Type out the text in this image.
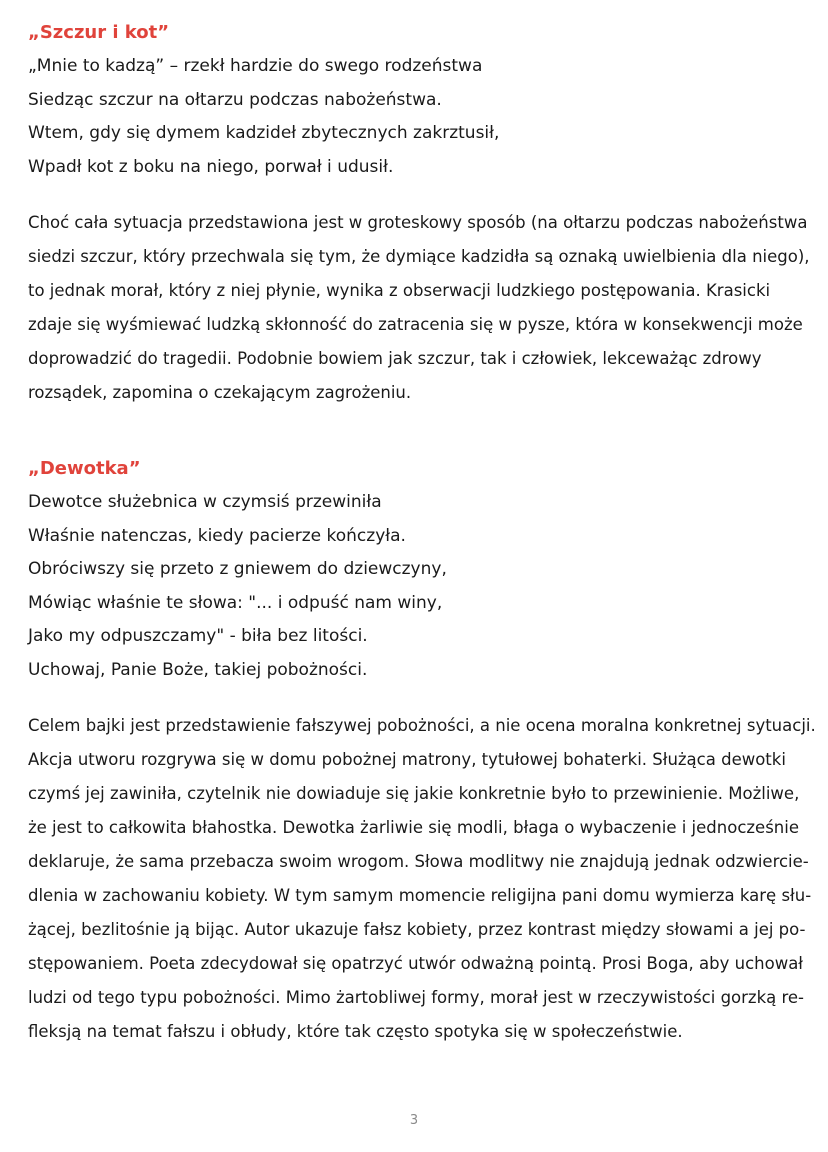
„Szczur i kot”
„Mnie to kadzą” – rzekł hardzie do swego rodzeństwa
Siedząc szczur na ołtarzu podczas nabożeństwa.
Wtem, gdy się dymem kadzideł zbytecznych zakrztusił,
Wpadł kot z boku na niego, porwał i udusił.
Choć cała sytuacja przedstawiona jest w groteskowy sposób (na ołtarzu podczas nabożeństwa
siedzi szczur, który przechwala się tym, że dymiące kadzidła są oznaką uwielbienia dla niego),
to jednak morał, który z niej płynie, wynika z obserwacji ludzkiego postępowania. Krasicki
zdaje się wyśmiewać ludzką skłonność do zatracenia się w pysze, która w konsekwencji może
doprowadzić do tragedii. Podobnie bowiem jak szczur, tak i człowiek, lekceważąc zdrowy
rozsądek, zapomina o czekającym zagrożeniu.
„Dewotka”
Dewotce służebnica w czymsiś przewiniła
Właśnie natenczas, kiedy pacierze kończyła.
Obróciwszy się przeto z gniewem do dziewczyny,
Mówiąc właśnie te słowa: "... i odpuść nam winy,
Jako my odpuszczamy" - biła bez litości.
Uchowaj, Panie Boże, takiej pobożności.
Celem bajki jest przedstawienie fałszywej pobożności, a nie ocena moralna konkretnej sytuacji.
Akcja utworu rozgrywa się w domu pobożnej matrony, tytułowej bohaterki. Służąca dewotki
czymś jej zawiniła, czytelnik nie dowiaduje się jakie konkretnie było to przewinienie. Możliwe,
że jest to całkowita błahostka. Dewotka żarliwie się modli, błaga o wybaczenie i jednocześnie
deklaruje, że sama przebacza swoim wrogom. Słowa modlitwy nie znajdują jednak odzwiercie-
dlenia w zachowaniu kobiety. W tym samym momencie religijna pani domu wymierza karę słu-
żącej, bezlitośnie ją bijąc. Autor ukazuje fałsz kobiety, przez kontrast między słowami a jej po-
stępowaniem. Poeta zdecydował się opatrzyć utwór odważną pointą. Prosi Boga, aby uchował
ludzi od tego typu pobożności. Mimo żartobliwej formy, morał jest w rzeczywistości gorzką re-
fleksją na temat fałszu i obłudy, które tak często spotyka się w społeczeństwie.
3
